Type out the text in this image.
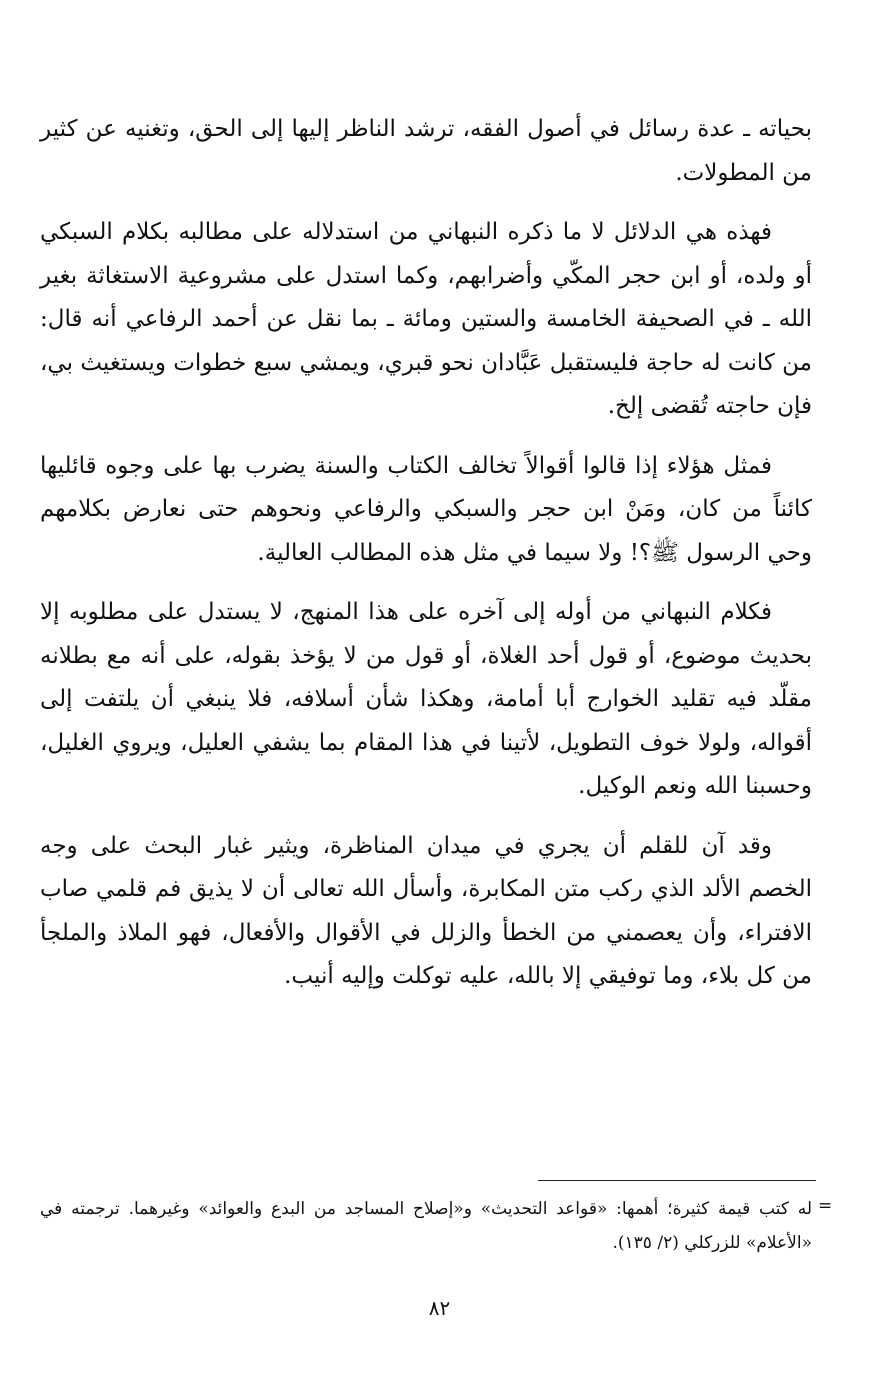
بحياته ـ عدة رسائل في أصول الفقه، ترشد الناظر إليها إلى الحق، وتغنيه عن كثير من المطولات.

فهذه هي الدلائل لا ما ذكره النبهاني من استدلاله على مطالبه بكلام السبكي أو ولده، أو ابن حجر المكّي وأضرابهم، وكما استدل على مشروعية الاستغاثة بغير الله ـ في الصحيفة الخامسة والستين ومائة ـ بما نقل عن أحمد الرفاعي أنه قال: من كانت له حاجة فليستقبل عَبَّادان نحو قبري، ويمشي سبع خطوات ويستغيث بي، فإن حاجته تُقضى إلخ.

فمثل هؤلاء إذا قالوا أقوالاً تخالف الكتاب والسنة يضرب بها على وجوه قائليها كائناً من كان، ومَنْ ابن حجر والسبكي والرفاعي ونحوهم حتى نعارض بكلامهم وحي الرسول ﷺ؟! ولا سيما في مثل هذه المطالب العالية.

فكلام النبهاني من أوله إلى آخره على هذا المنهج، لا يستدل على مطلوبه إلا بحديث موضوع، أو قول أحد الغلاة، أو قول من لا يؤخذ بقوله، على أنه مع بطلانه مقلّد فيه تقليد الخوارج أبا أمامة، وهكذا شأن أسلافه، فلا ينبغي أن يلتفت إلى أقواله، ولولا خوف التطويل، لأتينا في هذا المقام بما يشفي العليل، ويروي الغليل، وحسبنا الله ونعم الوكيل.

وقد آن للقلم أن يجري في ميدان المناظرة، ويثير غبار البحث على وجه الخصم الألد الذي ركب متن المكابرة، وأسأل الله تعالى أن لا يذيق فم قلمي صاب الافتراء، وأن يعصمني من الخطأ والزلل في الأقوال والأفعال، فهو الملاذ والملجأ من كل بلاء، وما توفيقي إلا بالله، عليه توكلت وإليه أنيب.

=
له كتب قيمة كثيرة؛ أهمها: «قواعد التحديث» و«إصلاح المساجد من البدع والعوائد» وغيرهما. ترجمته في «الأعلام» للزركلي (٢/ ١٣٥).
٨٢
